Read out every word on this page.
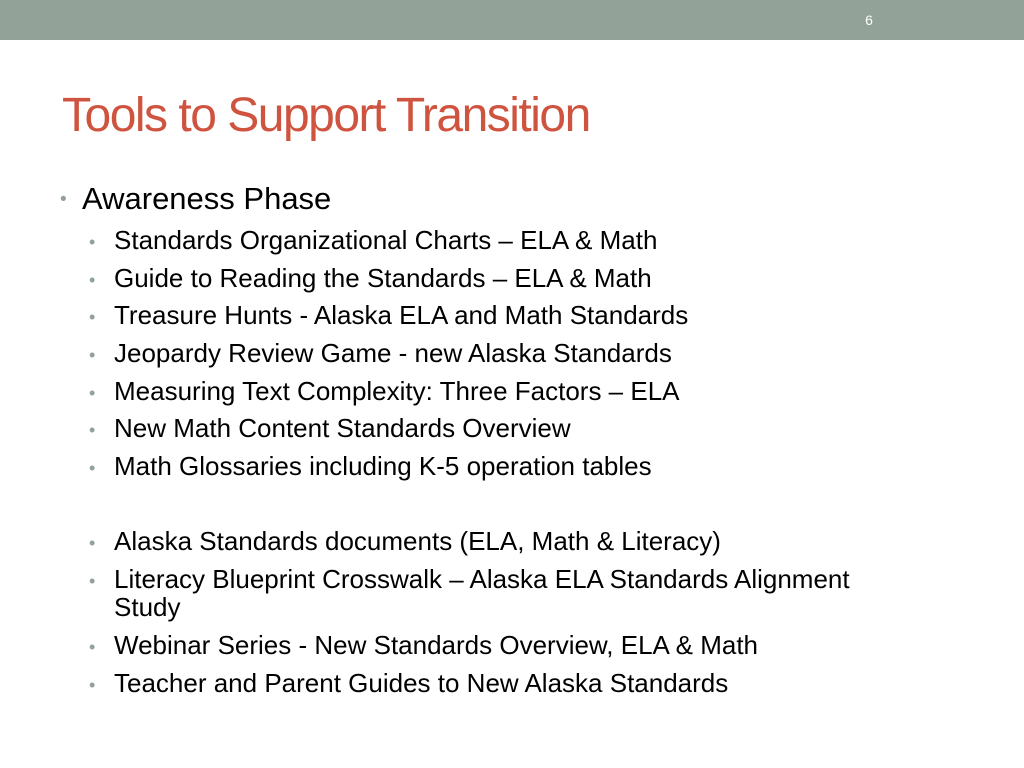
6
Tools to Support Transition
• Awareness Phase
• Standards Organizational Charts – ELA & Math
• Guide to Reading the Standards – ELA & Math
• Treasure Hunts - Alaska ELA and Math Standards
• Jeopardy Review Game - new Alaska Standards
• Measuring Text Complexity: Three Factors – ELA
• New Math Content Standards Overview
• Math Glossaries including K-5 operation tables
• Alaska Standards documents (ELA, Math & Literacy)
• Literacy Blueprint Crosswalk – Alaska ELA Standards Alignment Study
• Webinar Series - New Standards Overview, ELA & Math
• Teacher and Parent Guides to New Alaska Standards
